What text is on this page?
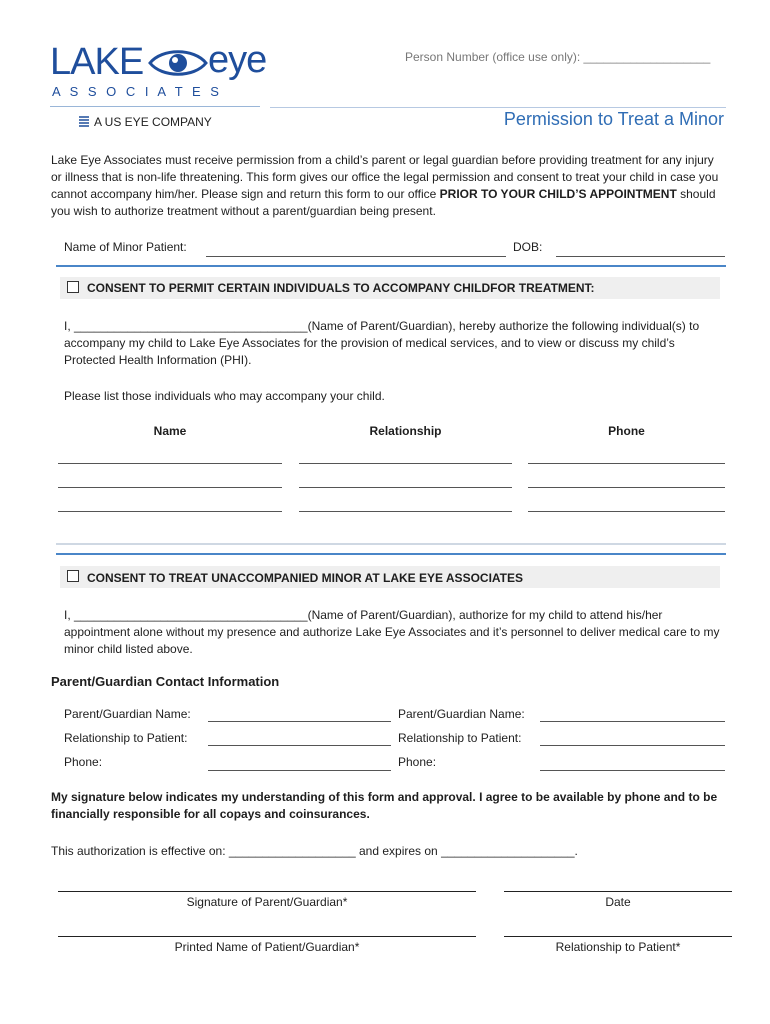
LAKE eye
A S S O C I A T E S
A US EYE COMPANY
Person Number (office use only): ___________________
Permission to Treat a Minor
Lake Eye Associates must receive permission from a child’s parent or legal guardian before providing treatment for any injury or illness that is non-life threatening. This form gives our office the legal permission and consent to treat your child in case you cannot accompany him/her. Please sign and return this form to our office PRIOR TO YOUR CHILD’S APPOINTMENT should you wish to authorize treatment without a parent/guardian being present.
Name of Minor Patient:	DOB:
CONSENT TO PERMIT CERTAIN INDIVIDUALS TO ACCOMPANY CHILDFOR TREATMENT:
I, ___________________________________(Name of Parent/Guardian), hereby authorize the following individual(s) to accompany my child to Lake Eye Associates for the provision of medical services, and to view or discuss my child’s Protected Health Information (PHI).
Please list those individuals who may accompany your child.
Name	Relationship	Phone
CONSENT TO TREAT UNACCOMPANIED MINOR AT LAKE EYE ASSOCIATES
I, ___________________________________(Name of Parent/Guardian), authorize for my child to attend his/her appointment alone without my presence and authorize Lake Eye Associates and it’s personnel to deliver medical care to my minor child listed above.
Parent/Guardian Contact Information
Parent/Guardian Name:	Parent/Guardian Name:
Relationship to Patient:	Relationship to Patient:
Phone:	Phone:
My signature below indicates my understanding of this form and approval. I agree to be available by phone and to be financially responsible for all copays and coinsurances.
This authorization is effective on: ___________________ and expires on ____________________.
Signature of Parent/Guardian*	Date
Printed Name of Patient/Guardian*	Relationship to Patient*
